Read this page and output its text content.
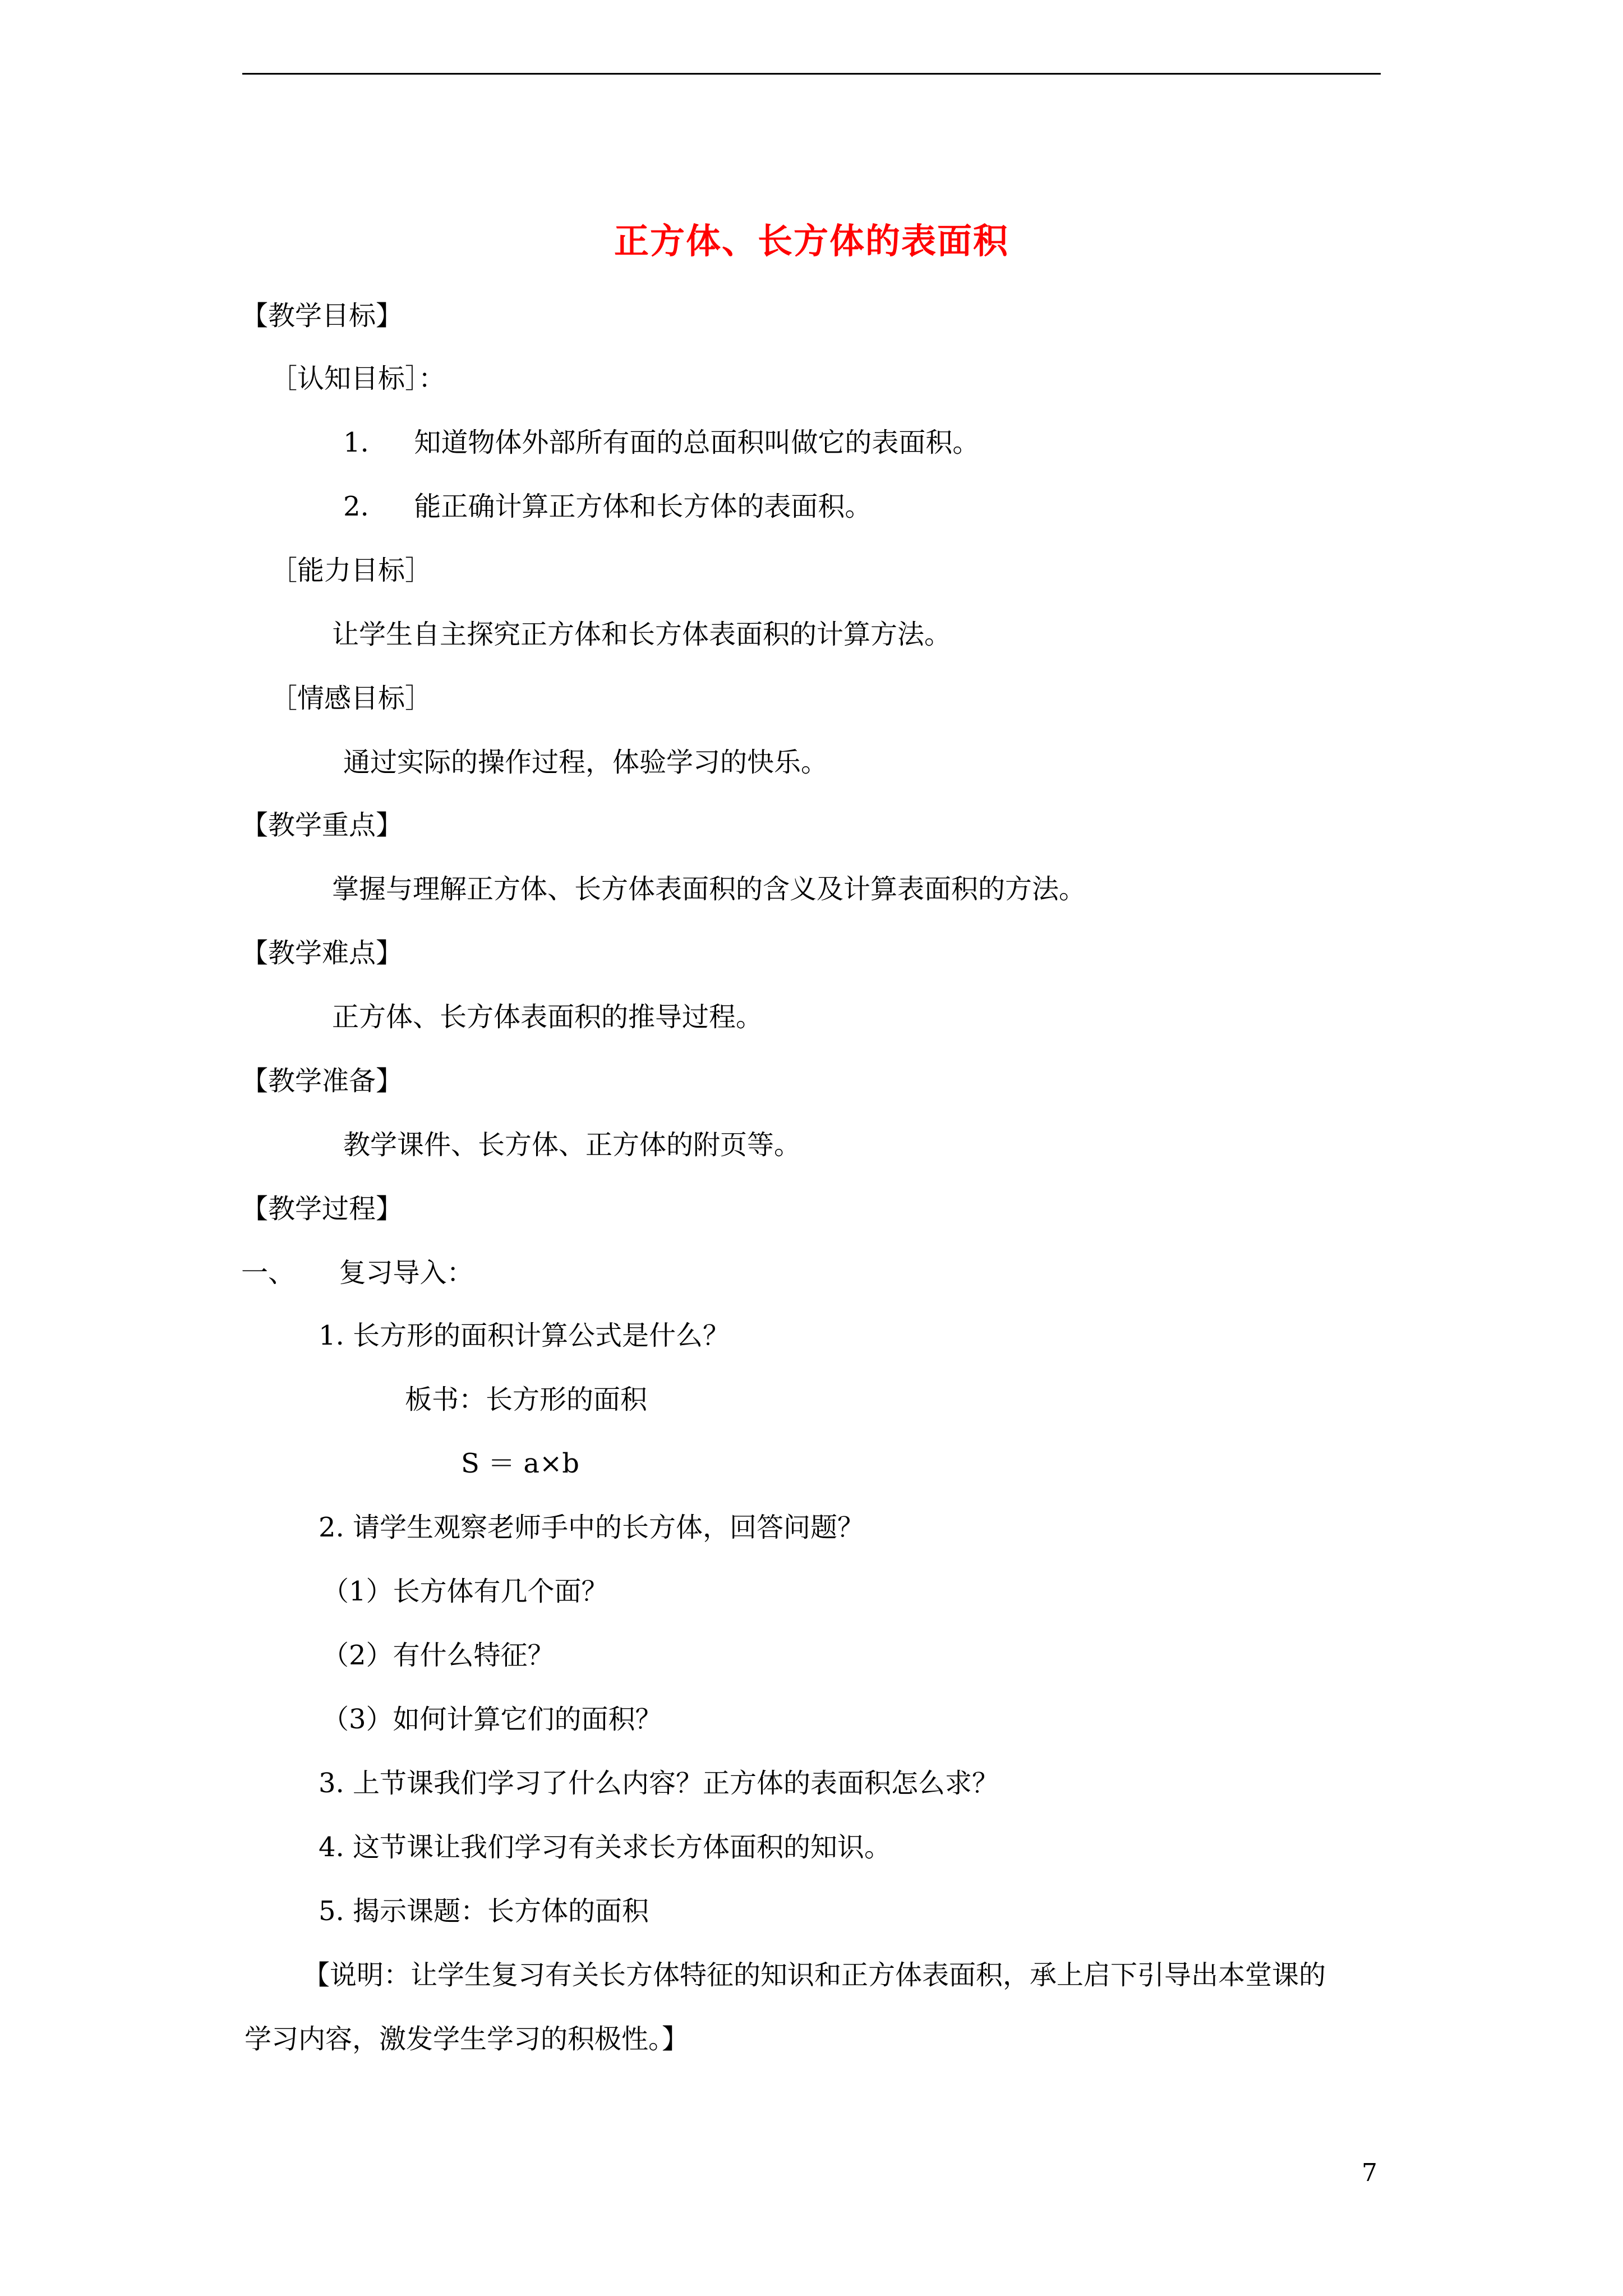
正方体、长方体的表面积
【教学目标】
［认知目标］：
1. 知道物体外部所有面的总面积叫做它的表面积。
2. 能正确计算正方体和长方体的表面积。
［能力目标］
让学生自主探究正方体和长方体表面积的计算方法。
［情感目标］
通过实际的操作过程，体验学习的快乐。
【教学重点】
掌握与理解正方体、长方体表面积的含义及计算表面积的方法。
【教学难点】
正方体、长方体表面积的推导过程。
【教学准备】
教学课件、长方体、正方体的附页等。
【教学过程】
一、 复习导入：
1. 长方形的面积计算公式是什么？
板书：长方形的面积
S ＝ a×b
2. 请学生观察老师手中的长方体，回答问题？
（1）长方体有几个面？
（2）有什么特征？
（3）如何计算它们的面积？
3. 上节课我们学习了什么内容？正方体的表面积怎么求？
4. 这节课让我们学习有关求长方体面积的知识。
5. 揭示课题：长方体的面积
【说明：让学生复习有关长方体特征的知识和正方体表面积，承上启下引导出本堂课的
学习内容，激发学生学习的积极性。】
7
